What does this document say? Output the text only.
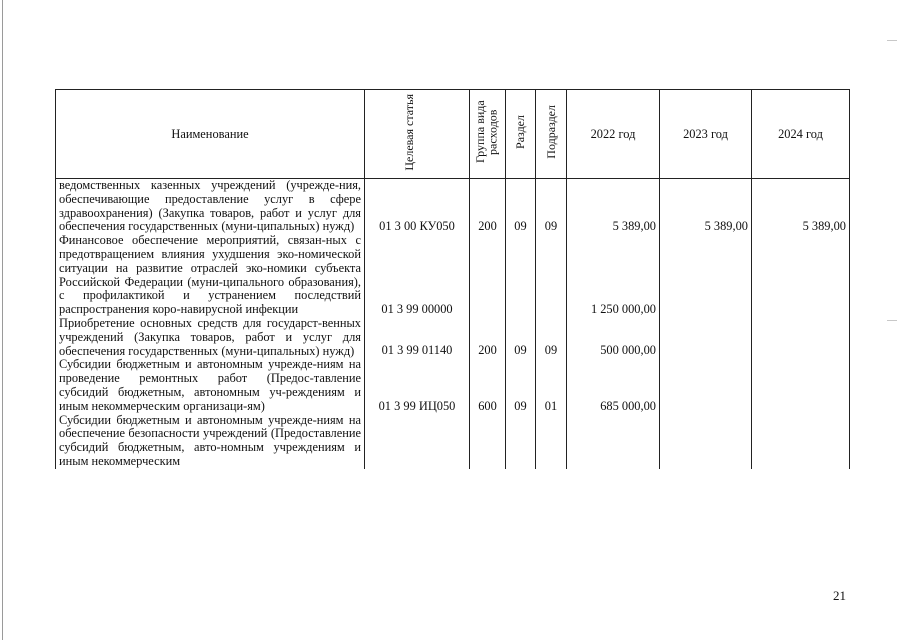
Наименование	Целевая статья	Группа вида расходов	Раздел	Подраздел	2022 год	2023 год	2024 год
ведомственных казенных учреждений (учрежде-ния, обеспечивающие предоставление услуг в сфере здравоохранения) (Закупка товаров, работ и услуг для обеспечения государственных (муни-ципальных) нужд)	01 3 00 КУ050	200	09	09	5 389,00	5 389,00	5 389,00
Финансовое обеспечение мероприятий, связан-ных с предотвращением влияния ухудшения эко-номической ситуации на развитие отраслей эко-номики субъекта Российской Федерации (муни-ципального образования), с профилактикой и устранением последствий распространения коро-навирусной инфекции	01 3 99 00000				1 250 000,00		
Приобретение основных средств для государст-венных учреждений (Закупка товаров, работ и услуг для обеспечения государственных (муни-ципальных) нужд)	01 3 99 01140	200	09	09	500 000,00		
Субсидии бюджетным и автономным учрежде-ниям на проведение ремонтных работ (Предос-тавление субсидий бюджетным, автономным уч-реждениям и иным некоммерческим организаци-ям)	01 3 99 ИЦ050	600	09	01	685 000,00		
Субсидии бюджетным и автономным учрежде-ниям на обеспечение безопасности учреждений (Предоставление субсидий бюджетным, авто-номным учреждениям и иным некоммерческим							
21
